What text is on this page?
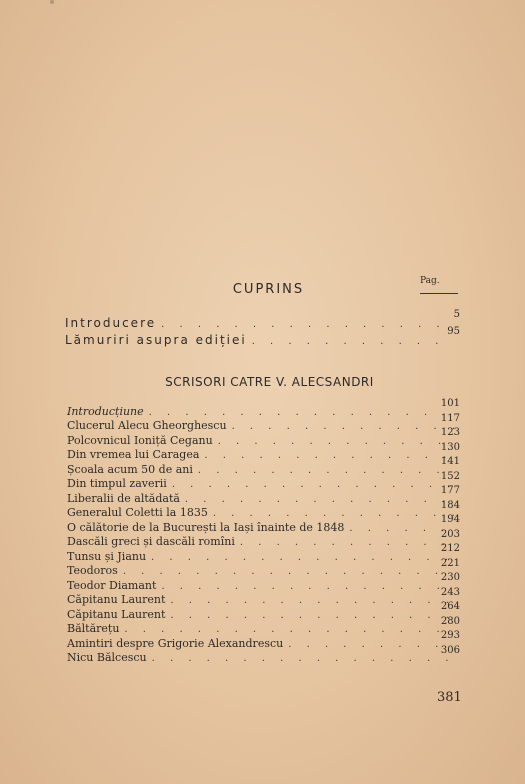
CUPRINS
Pag.
Introducere
. . .
5
Lămuriri asupra ediției
. . .
95
SCRISORI CATRE V. ALECSANDRI
Introducțiune
. . .
101
Clucerul Alecu Gheorghescu
. . .
117
Polcovnicul Ioniță Ceganu
. . .
123
Din vremea lui Caragea
. . .
130
Școala acum 50 de ani
. . .
141
Din timpul zaverii
. . .
152
Liberalii de altădată
. . .
177
Generalul Coletti la 1835
. . .
184
O călătorie de la București la Iași înainte de 1848
. . .
194
Dascăli greci și dascăli romîni
. . .
203
Tunsu și Jianu
. . .
212
Teodoros
. . .
221
Teodor Diamant
. . .
230
Căpitanu Laurent
. . .
243
Căpitanu Laurent
. . .
264
Băltărețu
. . .
280
Amintiri despre Grigorie Alexandrescu
. . .
293
Nicu Bălcescu
. . .
306
381
